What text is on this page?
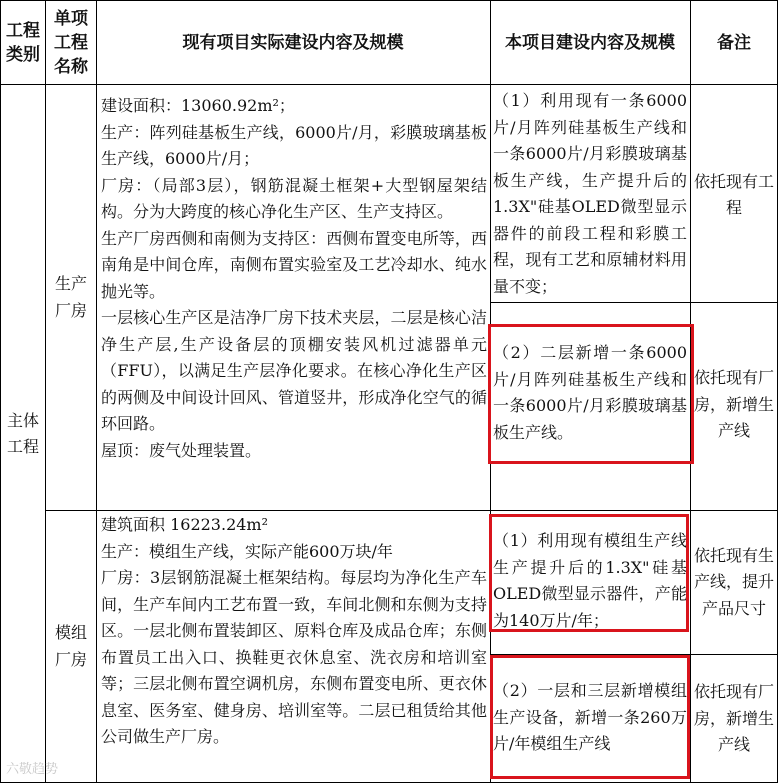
工程类别
单项工程名称
现有项目实际建设内容及规模	本项目建设内容及规模	备注
主体工程
生产厂房

建设面积：13060.92m²；

生产：阵列硅基板生产线，6000片/月，彩膜玻璃基板生产线，6000片/月；

厂房：（局部3层），钢筋混凝土框架+大型钢屋架结构。分为大跨度的核心净化生产区、生产支持区。

生产厂房西侧和南侧为支持区：西侧布置变电所等，西南角是中间仓库，南侧布置实验室及工艺冷却水、纯水抛光等。

一层核心生产区是洁净厂房下技术夹层，二层是核心洁净生产层,生产设备层的顶棚安装风机过滤器单元（FFU），以满足生产层净化要求。在核心净化生产区的两侧及中间设计回风、管道竖井，形成净化空气的循环回路。

屋顶：废气处理装置。

（1）利用现有一条6000片/月阵列硅基板生产线和一条6000片/月彩膜玻璃基板生产线，生产提升后的1.3X"硅基OLED微型显示器件的前段工程和彩膜工程，现有工艺和原辅材料用量不变；
依托现有工程
（2）二层新增一条6000片/月阵列硅基板生产线和一条6000片/月彩膜玻璃基板生产线。
依托现有厂房，新增生产线
模组厂房

建筑面积 16223.24m²

生产：模组生产线，实际产能600万块/年

厂房：3层钢筋混凝土框架结构。每层均为净化生产车间，生产车间内工艺布置一致，车间北侧和东侧为支持区。一层北侧布置装卸区、原料仓库及成品仓库；东侧布置员工出入口、换鞋更衣休息室、洗衣房和培训室等；三层北侧布置空调机房，东侧布置变电所、更衣休息室、医务室、健身房、培训室等。二层已租赁给其他公司做生产厂房。

（1）利用现有模组生产线生产提升后的1.3X"硅基OLED微型显示器件，产能为140万片/年；
依托现有生产线，提升产品尺寸
（2）一层和三层新增模组生产设备，新增一条260万片/年模组生产线
依托现有厂房，新增生产线
六敬趋势
